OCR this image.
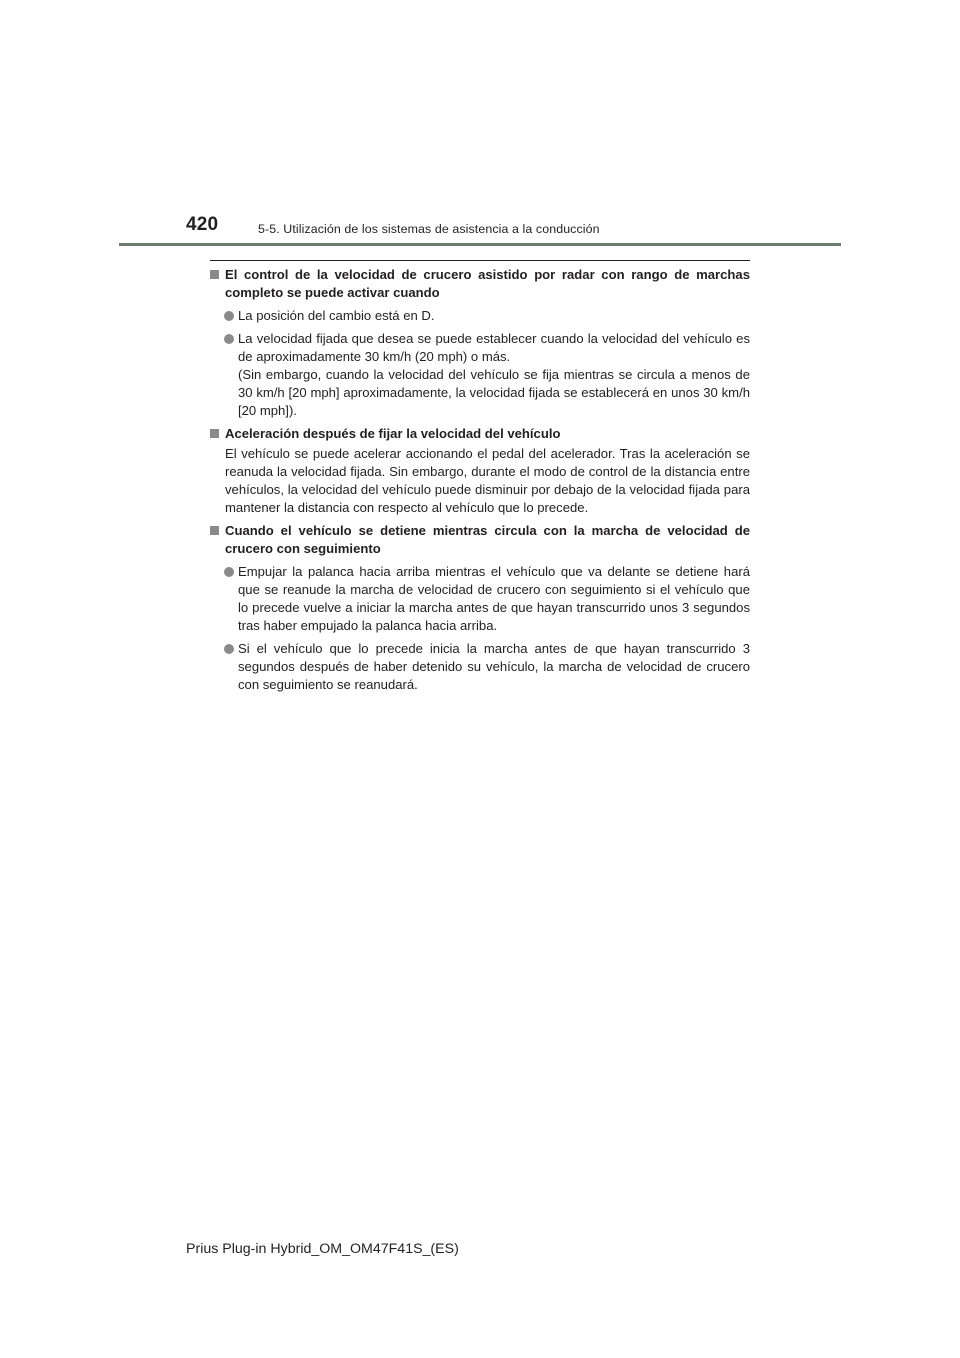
420	5-5. Utilización de los sistemas de asistencia a la conducción
El control de la velocidad de crucero asistido por radar con rango de marchas completo se puede activar cuando
La posición del cambio está en D.
La velocidad fijada que desea se puede establecer cuando la velocidad del vehículo es de aproximadamente 30 km/h (20 mph) o más.
(Sin embargo, cuando la velocidad del vehículo se fija mientras se circula a menos de 30 km/h [20 mph] aproximadamente, la velocidad fijada se establecerá en unos 30 km/h [20 mph]).
Aceleración después de fijar la velocidad del vehículo
El vehículo se puede acelerar accionando el pedal del acelerador. Tras la aceleración se reanuda la velocidad fijada. Sin embargo, durante el modo de control de la distancia entre vehículos, la velocidad del vehículo puede disminuir por debajo de la velocidad fijada para mantener la distancia con respecto al vehículo que lo precede.
Cuando el vehículo se detiene mientras circula con la marcha de velocidad de crucero con seguimiento
Empujar la palanca hacia arriba mientras el vehículo que va delante se detiene hará que se reanude la marcha de velocidad de crucero con seguimiento si el vehículo que lo precede vuelve a iniciar la marcha antes de que hayan transcurrido unos 3 segundos tras haber empujado la palanca hacia arriba.
Si el vehículo que lo precede inicia la marcha antes de que hayan transcurrido 3 segundos después de haber detenido su vehículo, la marcha de velocidad de crucero con seguimiento se reanudará.
Prius Plug-in Hybrid_OM_OM47F41S_(ES)
